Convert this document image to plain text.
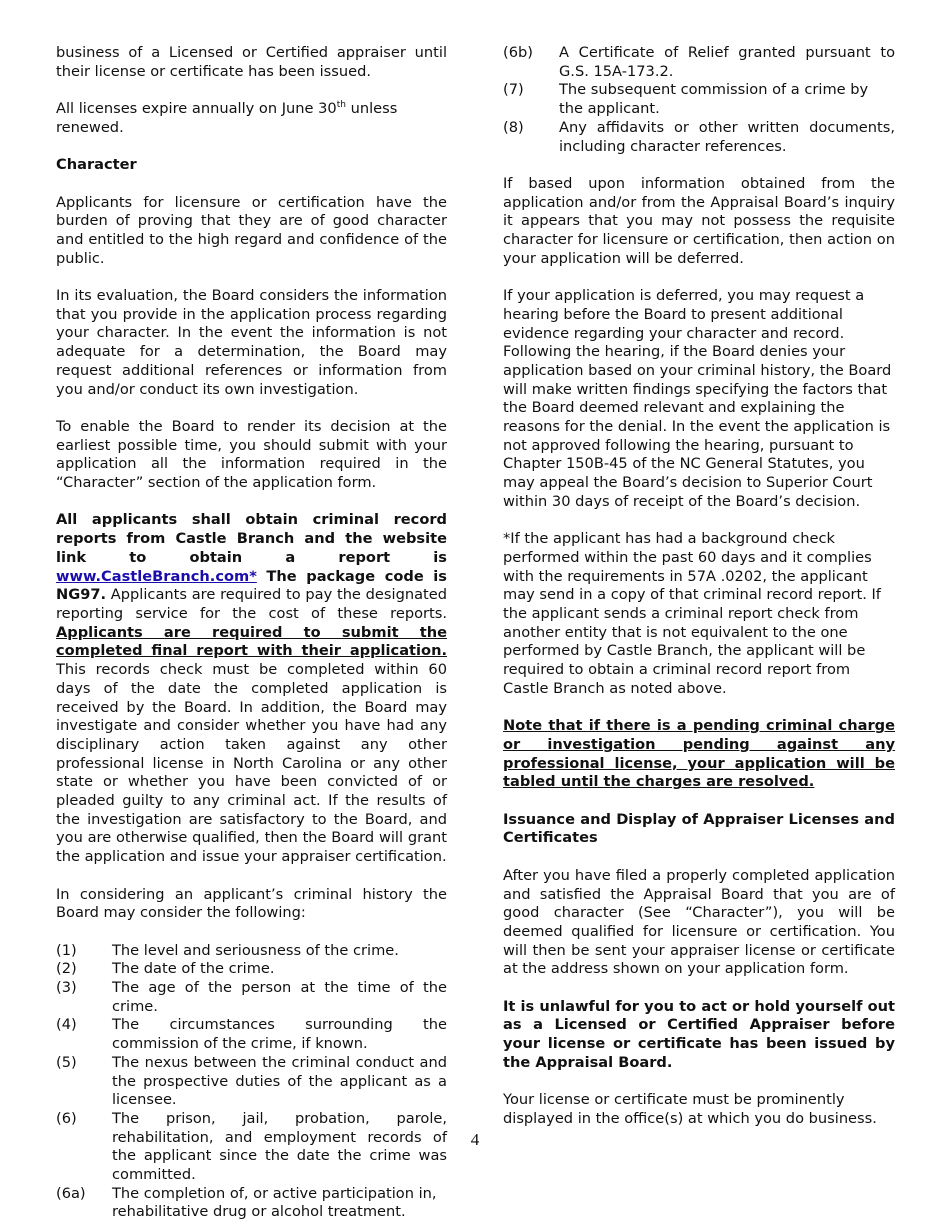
business of a Licensed or Certified appraiser until their license or certificate has been issued.

All licenses expire annually on June 30th unless renewed.

Character

Applicants for licensure or certification have the burden of proving that they are of good character and entitled to the high regard and confidence of the public.

In its evaluation, the Board considers the information that you provide in the application process regarding your character. In the event the information is not adequate for a determination, the Board may request additional references or information from you and/or conduct its own investigation.

To enable the Board to render its decision at the earliest possible time, you should submit with your application all the information required in the “Character” section of the application form.

All applicants shall obtain criminal record reports from Castle Branch and the website link to obtain a report is www.CastleBranch.com* The package code is NG97. Applicants are required to pay the designated reporting service for the cost of these reports. Applicants are required to submit the completed final report with their application. This records check must be completed within 60 days of the date the completed application is received by the Board. In addition, the Board may investigate and consider whether you have had any disciplinary action taken against any other professional license in North Carolina or any other state or whether you have been convicted of or pleaded guilty to any criminal act. If the results of the investigation are satisfactory to the Board, and you are otherwise qualified, then the Board will grant the application and issue your appraiser certification.

In considering an applicant’s criminal history the Board may consider the following:

(1)	The level and seriousness of the crime.
(2)	The date of the crime.
(3)	The age of the person at the time of the crime.
(4)	The circumstances surrounding the commission of the crime, if known.
(5)	The nexus between the criminal conduct and the prospective duties of the applicant as a licensee.
(6)	The prison, jail, probation, parole, rehabilitation, and employment records of the applicant since the date the crime was committed.
(6a)	The completion of, or active participation in, rehabilitative drug or alcohol treatment.
(6b)	A Certificate of Relief granted pursuant to G.S. 15A-173.2.
(7)	The subsequent commission of a crime by the applicant.
(8)	Any affidavits or other written documents, including character references.

If based upon information obtained from the application and/or from the Appraisal Board’s inquiry it appears that you may not possess the requisite character for licensure or certification, then action on your application will be deferred.

If your application is deferred, you may request a hearing before the Board to present additional evidence regarding your character and record. Following the hearing, if the Board denies your application based on your criminal history, the Board will make written findings specifying the factors that the Board deemed relevant and explaining the reasons for the denial. In the event the application is not approved following the hearing, pursuant to Chapter 150B-45 of the NC General Statutes, you may appeal the Board’s decision to Superior Court within 30 days of receipt of the Board’s decision.

*If the applicant has had a background check performed within the past 60 days and it complies with the requirements in 57A .0202, the applicant may send in a copy of that criminal record report. If the applicant sends a criminal report check from another entity that is not equivalent to the one performed by Castle Branch, the applicant will be required to obtain a criminal record report from Castle Branch as noted above.

Note that if there is a pending criminal charge or investigation pending against any professional license, your application will be tabled until the charges are resolved.

Issuance and Display of Appraiser Licenses and Certificates

After you have filed a properly completed application and satisfied the Appraisal Board that you are of good character (See “Character”), you will be deemed qualified for licensure or certification. You will then be sent your appraiser license or certificate at the address shown on your application form.

It is unlawful for you to act or hold yourself out as a Licensed or Certified Appraiser before your license or certificate has been issued by the Appraisal Board.

Your license or certificate must be prominently displayed in the office(s) at which you do business.

4
